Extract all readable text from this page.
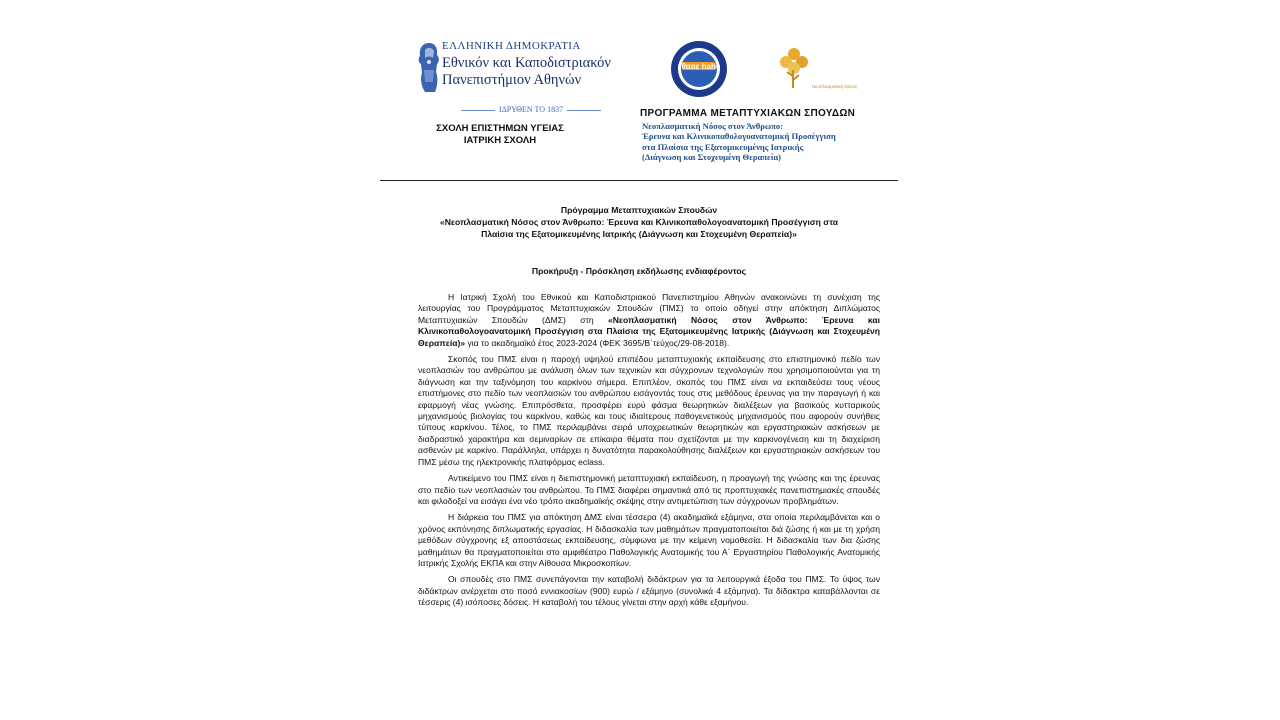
ΕΛΛΗΝΙΚΗ ΔΗΜΟΚΡΑΤΙΑ
Εθνικόν και Καποδιστριακόν
Πανεπιστήμιον Αθηνών
ΙΔΡΥΘΕΝ ΤΟ 1837
ΣΧΟΛΗ ΕΠΙΣΤΗΜΩΝ ΥΓΕΙΑΣ
ΙΑΤΡΙΚΗ ΣΧΟΛΗ
εθααε hahe
Νεοπλασματική Νόσος
ΠΡΟΓΡΑΜΜΑ ΜΕΤΑΠΤΥΧΙΑΚΩΝ ΣΠΟΥΔΩΝ
Νεοπλασματική Νόσος στον Άνθρωπο:
Έρευνα και Κλινικοπαθολογοανατομική Προσέγγιση
στα Πλαίσια της Εξατομικευμένης Ιατρικής
(Διάγνωση και Στοχευμένη Θεραπεία)
Πρόγραμμα Μεταπτυχιακών Σπουδών
«Νεοπλασματική Νόσος στον Άνθρωπο: Έρευνα και Κλινικοπαθολογοανατομική Προσέγγιση στα
Πλαίσια της Εξατομικευμένης Ιατρικής (Διάγνωση και Στοχευμένη Θεραπεία)»
Προκήρυξη - Πρόσκληση εκδήλωσης ενδιαφέροντος

Η Ιατρική Σχολή του Εθνικού και Καποδιστριακού Πανεπιστημίου Αθηνών ανακοινώνει τη συνέχιση της λειτουργίας του Προγράμματος Μεταπτυχιακών Σπουδών (ΠΜΣ) το οποίο οδηγεί στην απόκτηση Διπλώματος Μεταπτυχιακών Σπουδών (ΔΜΣ) στη «Νεοπλασματική Νόσος στον Άνθρωπο: Έρευνα και Κλινικοπαθολογοανατομική Προσέγγιση στα Πλαίσια της Εξατομικευμένης Ιατρικής (Διάγνωση και Στοχευμένη Θεραπεία)» για το ακαδημαϊκό έτος 2023-2024 (ΦΕΚ 3695/Β΄τεύχος/29-08-2018).

Σκοπός του ΠΜΣ είναι η παροχή υψηλού επιπέδου μεταπτυχιακής εκπαίδευσης στο επιστημονικό πεδίο των νεοπλασιών του ανθρώπου με ανάλυση όλων των τεχνικών και σύγχρονων τεχνολογιών που χρησιμοποιούνται για τη διάγνωση και την ταξινόμηση του καρκίνου σήμερα. Επιπλέον, σκοπός του ΠΜΣ είναι να εκπαιδεύσει τους νέους επιστήμονες στο πεδίο των νεοπλασιών του ανθρώπου εισάγοντάς τους στις μεθόδους έρευνας για την παραγωγή ή και εφαρμογή νέας γνώσης. Επιπρόσθετα, προσφέρει ευρύ φάσμα θεωρητικών διαλέξεων για βασικούς κυτταρικούς μηχανισμούς βιολογίας του καρκίνου, καθώς και τους ιδιαίτερους παθογενετικούς μηχανισμούς που αφορούν συνήθεις τύπους καρκίνου. Τέλος, το ΠΜΣ περιλαμβάνει σειρά υποχρεωτικών θεωρητικών και εργαστηριακών ασκήσεων με διαδραστικό χαρακτήρα και σεμιναρίων σε επίκαιρα θέματα που σχετίζονται με την καρκινογένεση και τη διαχείριση ασθενών με καρκίνο. Παράλληλα, υπάρχει η δυνατότητα παρακολούθησης διαλέξεων και εργαστηριακών ασκήσεων του ΠΜΣ μέσω της ηλεκτρονικής πλατφόρμας eclass.

Αντικείμενο του ΠΜΣ είναι η διεπιστημονική μεταπτυχιακή εκπαίδευση, η προαγωγή της γνώσης και της έρευνας στο πεδίο των νεοπλασιών του ανθρώπου. Το ΠΜΣ διαφέρει σημαντικά από τις προπτυχιακές πανεπιστημιακές σπουδές και φιλοδοξεί να εισάγει ένα νέο τρόπο ακαδημαϊκής σκέψης στην αντιμετώπιση των σύγχρονων προβλημάτων.

Η διάρκεια του ΠΜΣ για απόκτηση ΔΜΣ είναι τέσσερα (4) ακαδημαϊκά εξάμηνα, στα οποία περιλαμβάνεται και ο χρόνος εκπόνησης διπλωματικής εργασίας. Η διδασκαλία των μαθημάτων πραγματοποιείται διά ζώσης ή και με τη χρήση μεθόδων σύγχρονης εξ αποστάσεως εκπαίδευσης, σύμφωνα με την κείμενη νομοθεσία. Η διδασκαλία των δια ζώσης μαθημάτων θα πραγματοποιείται στο αμφιθέατρο Παθολογικής Ανατομικής του Α΄ Εργαστηρίου Παθολογικής Ανατομικής Ιατρικής Σχολής ΕΚΠΑ και στην Αίθουσα Μικροσκοπίων.

Οι σπουδές στο ΠΜΣ συνεπάγονται την καταβολή διδάκτρων για τα λειτουργικά έξοδα του ΠΜΣ. Το ύψος των διδάκτρων ανέρχεται στο ποσό εννιακοσίων (900) ευρώ / εξάμηνο (συνολικά 4 εξάμηνα). Τα δίδακτρα καταβάλλονται σε τέσσερις (4) ισόποσες δόσεις. Η καταβολή του τέλους γίνεται στην αρχή κάθε εξαμήνου.
